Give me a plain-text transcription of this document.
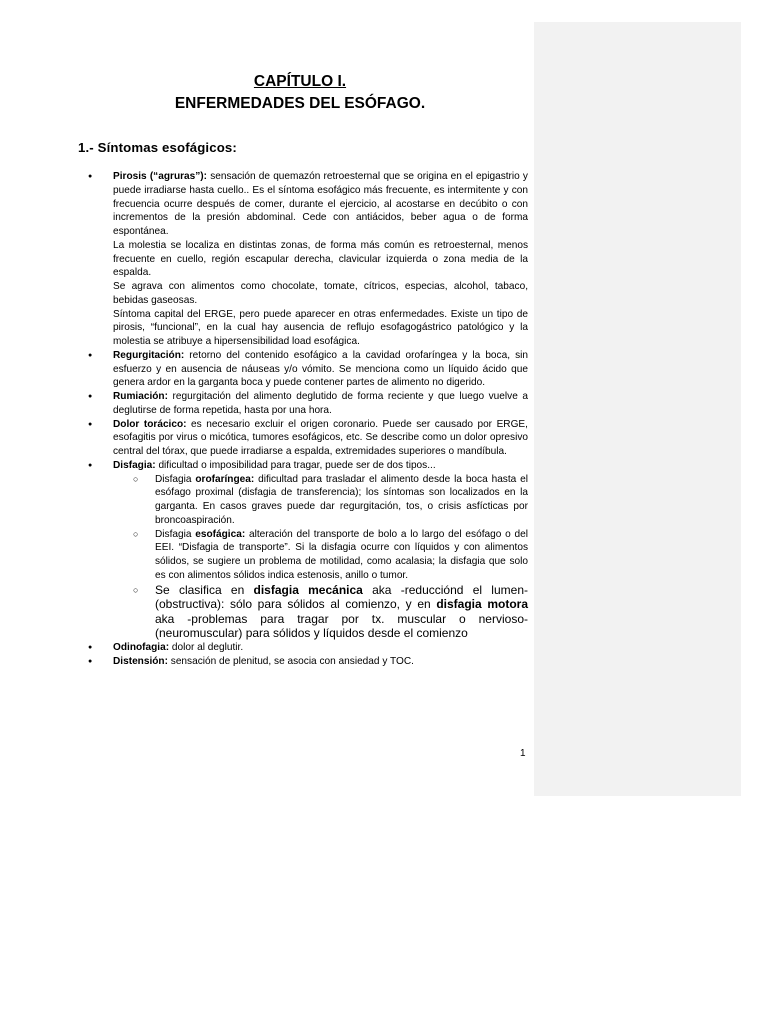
CAPÍTULO I.
ENFERMEDADES DEL ESÓFAGO.
1.- Síntomas esofágicos:

● Pirosis (“agruras”): sensación de quemazón retroesternal que se origina en el epigastrio y puede irradiarse hasta cuello.. Es el síntoma esofágico más frecuente, es intermitente y con frecuencia ocurre después de comer, durante el ejercicio, al acostarse en decúbito o con incrementos de la presión abdominal. Cede con antiácidos, beber agua o de forma espontánea.

La molestia se localiza en distintas zonas, de forma más común es retroesternal, menos frecuente en cuello, región escapular derecha, clavicular izquierda o zona media de la espalda.

Se agrava con alimentos como chocolate, tomate, cítricos, especias, alcohol, tabaco, bebidas gaseosas.

Síntoma capital del ERGE, pero puede aparecer en otras enfermedades. Existe un tipo de pirosis, “funcional”, en la cual hay ausencia de reflujo esofagogástrico patológico y la molestia se atribuye a hipersensibilidad load esofágica.

● Regurgitación: retorno del contenido esofágico a la cavidad orofaríngea y la boca, sin esfuerzo y en ausencia de náuseas y/o vómito. Se menciona como un líquido ácido que genera ardor en la garganta boca y puede contener partes de alimento no digerido.
● Rumiación: regurgitación del alimento deglutido de forma reciente y que luego vuelve a deglutirse de forma repetida, hasta por una hora.
● Dolor torácico: es necesario excluir el origen coronario. Puede ser causado por ERGE, esofagitis por virus o micótica, tumores esofágicos, etc. Se describe como un dolor opresivo central del tórax, que puede irradiarse a espalda, extremidades superiores o mandíbula.
● Disfagia: dificultad o imposibilidad para tragar, puede ser de dos tipos...
○ Disfagia orofaríngea: dificultad para trasladar el alimento desde la boca hasta el esófago proximal (disfagia de transferencia); los síntomas son localizados en la garganta. En casos graves puede dar regurgitación, tos, o crisis asfícticas por broncoaspiración.
○ Disfagia esofágica: alteración del transporte de bolo a lo largo del esófago o del EEI. “Disfagia de transporte”. Si la disfagia ocurre con líquidos y con alimentos sólidos, se sugiere un problema de motilidad, como acalasia; la disfagia que solo es con alimentos sólidos indica estenosis, anillo o tumor.
○ Se clasifica en disfagia mecánica aka -reducciónd el lumen- (obstructiva): sólo para sólidos al comienzo, y en disfagia motora aka -problemas para tragar por tx. muscular o nervioso- (neuromuscular) para sólidos y líquidos desde el comienzo
● Odinofagia: dolor al deglutir.
● Distensión: sensación de plenitud, se asocia con ansiedad y TOC.
1
